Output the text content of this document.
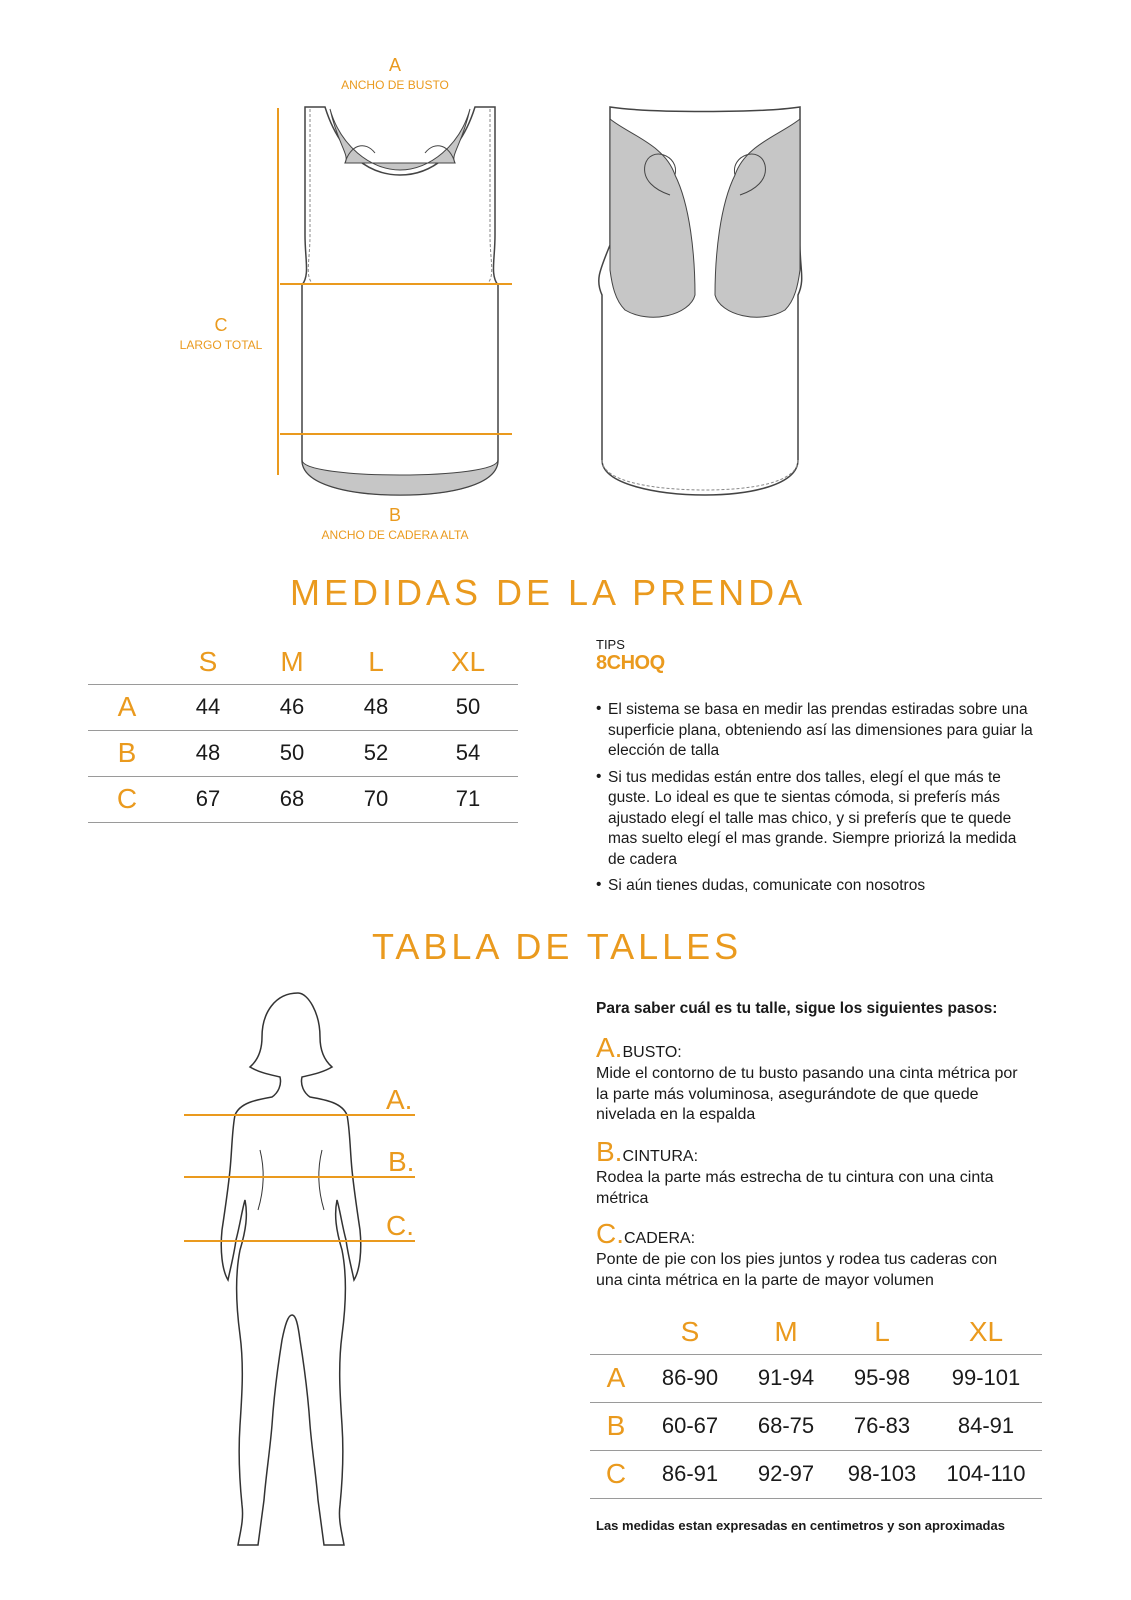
A
ANCHO DE BUSTO
C
LARGO TOTAL
B
ANCHO DE CADERA ALTA
MEDIDAS DE LA PRENDA
	S	M	L	XL
A	44	46	48	50
B	48	50	52	54
C	67	68	70	71
TIPS
8CHOQ
• El sistema se basa en medir las prendas estiradas sobre una superficie plana, obteniendo así las dimensiones para guiar la elección de talla
• Si tus medidas están entre dos talles, elegí el que más te guste. Lo ideal es que te sientas cómoda, si preferís más ajustado elegí el talle mas chico, y si preferís que te quede mas suelto elegí el mas grande. Siempre priorizá la medida de cadera
• Si aún tienes dudas, comunicate con nosotros
TABLA DE TALLES
A.
B.
C.
Para saber cuál es tu talle, sigue los siguientes pasos:
A.BUSTO:
Mide el contorno de tu busto pasando una cinta métrica por la parte más voluminosa, asegurándote de que quede nivelada en la espalda
B.CINTURA:
Rodea la parte más estrecha de tu cintura con una cinta métrica
C.CADERA:
Ponte de pie con los pies juntos y rodea tus caderas con una cinta métrica en la parte de mayor volumen
	S	M	L	XL
A	86-90	91-94	95-98	99-101
B	60-67	68-75	76-83	84-91
C	86-91	92-97	98-103	104-110
Las medidas estan expresadas en centimetros y son aproximadas
